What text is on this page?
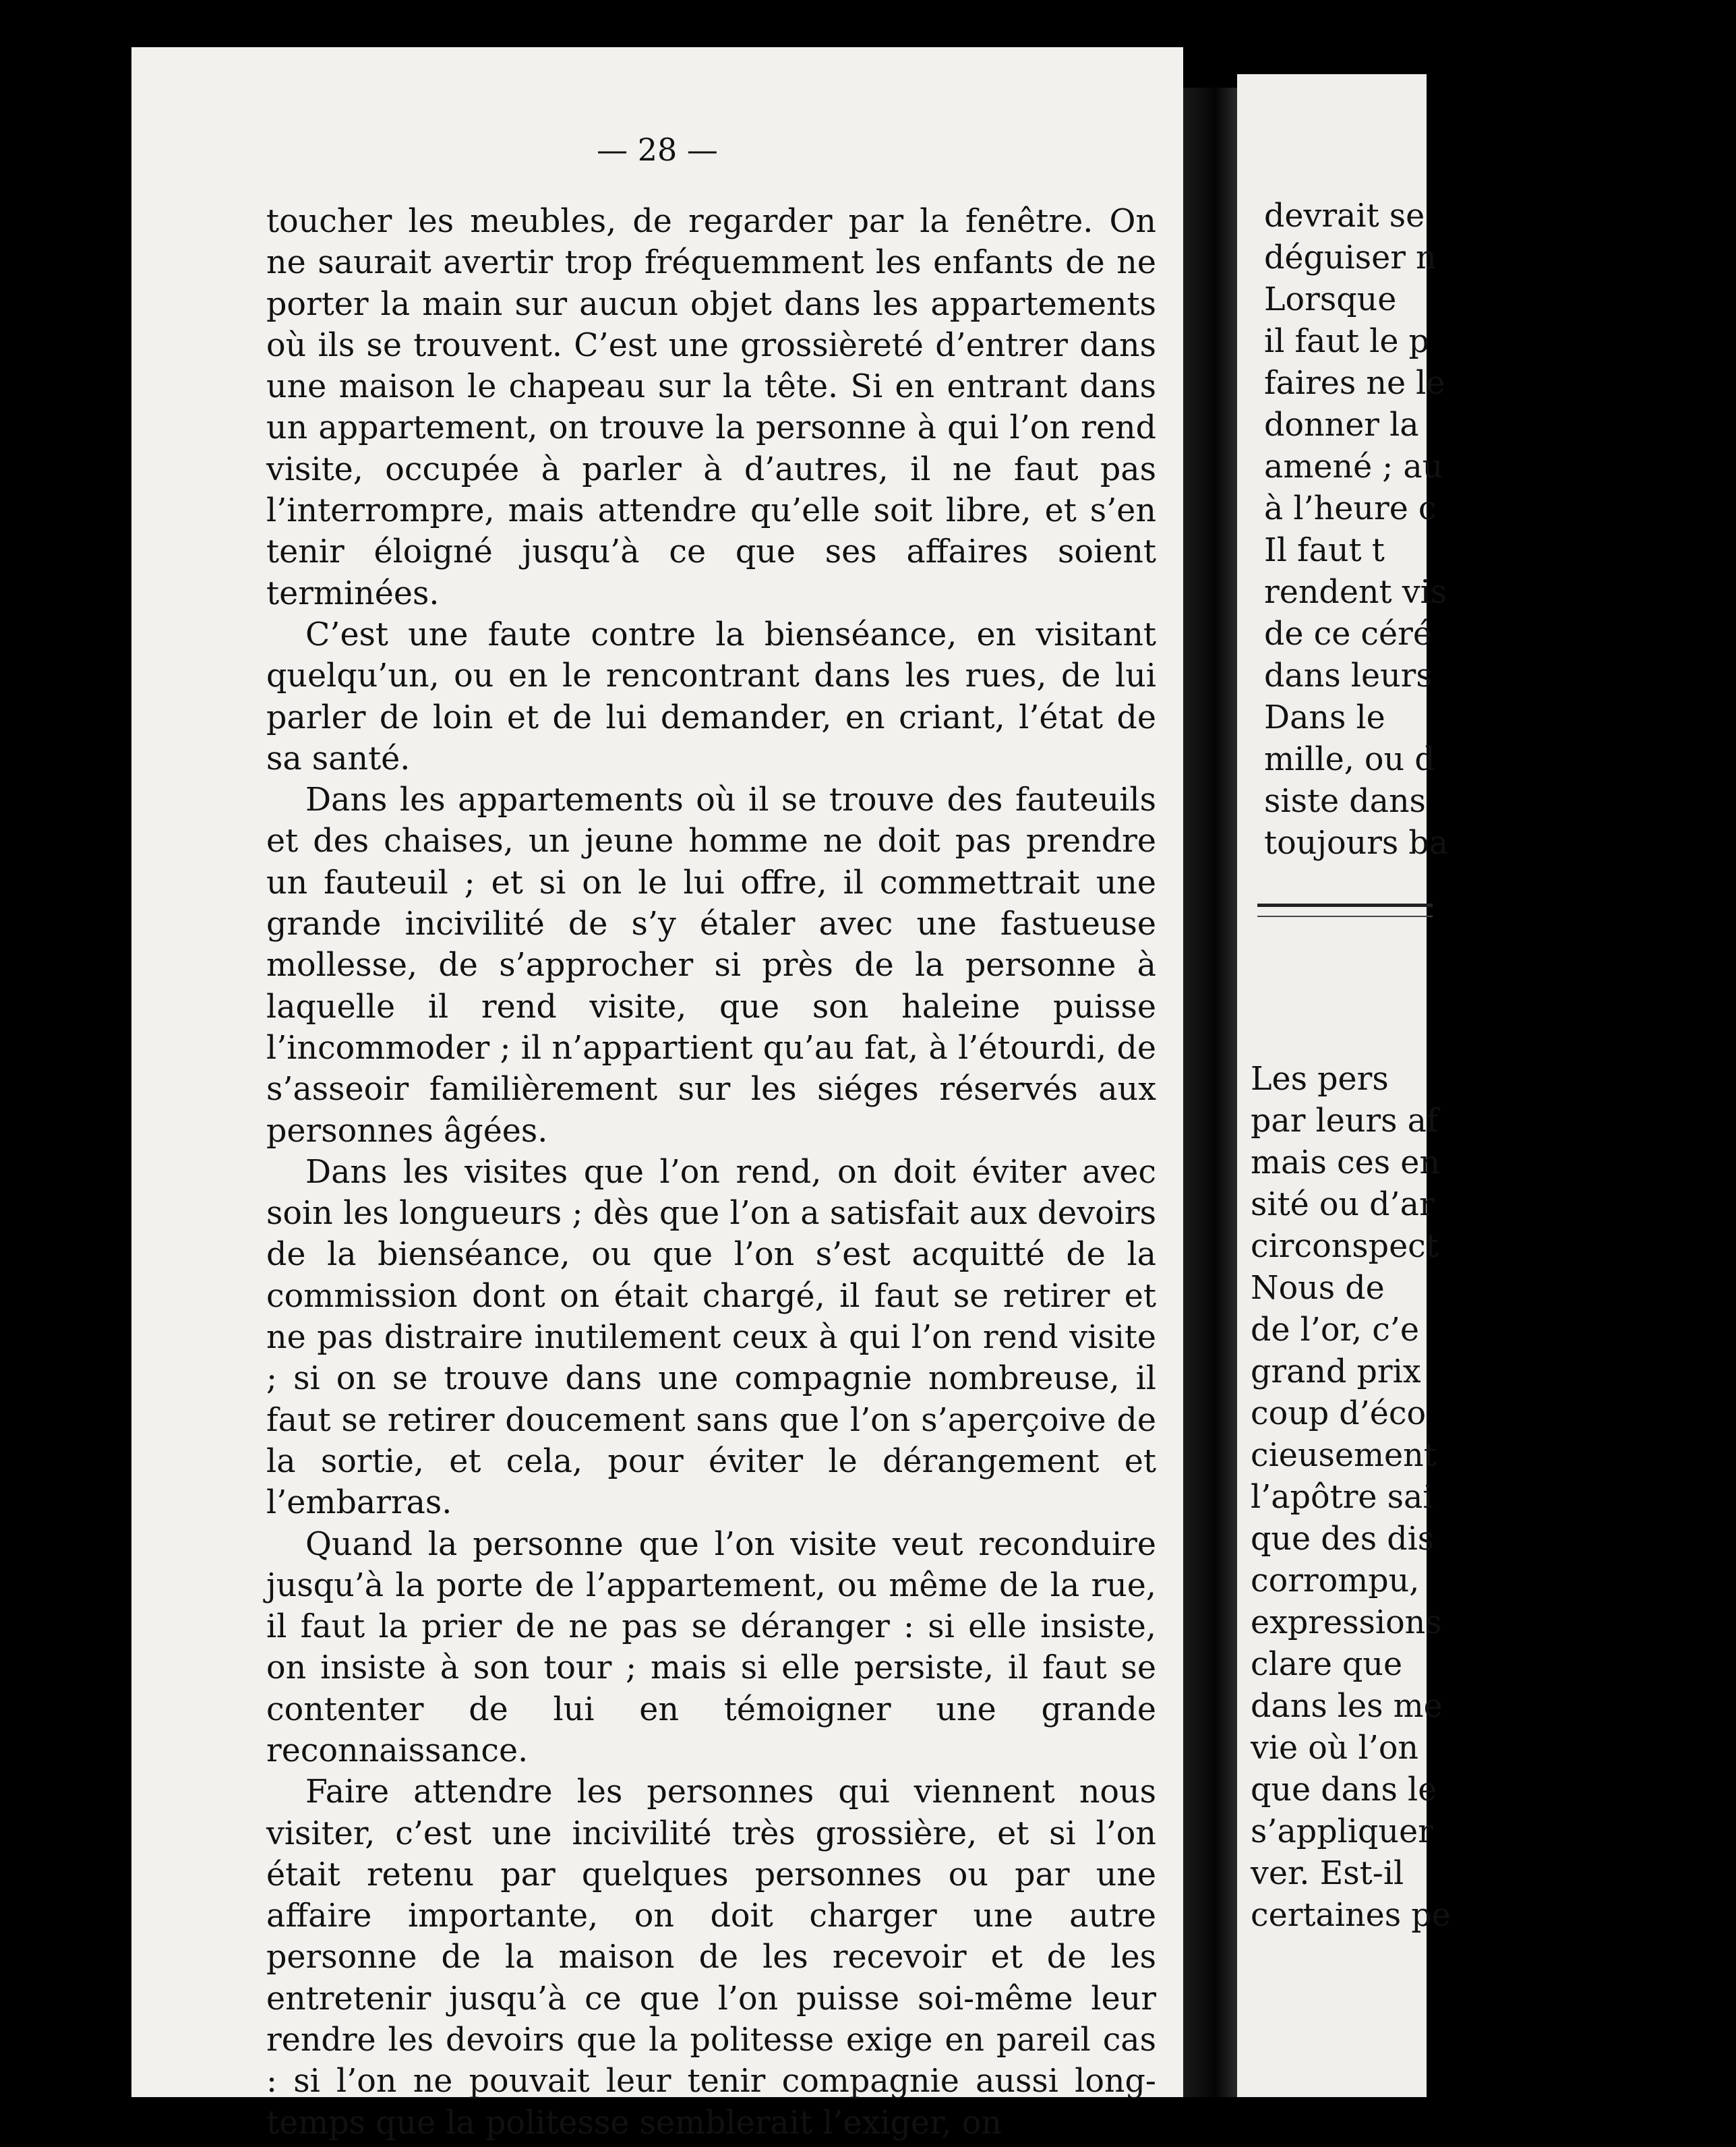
— 28 —

toucher les meubles, de regarder par la fenêtre. On ne saurait avertir trop fréquemment les enfants de ne porter la main sur aucun objet dans les appartements où ils se trouvent. C’est une grossièreté d’entrer dans une maison le chapeau sur la tête. Si en entrant dans un appartement, on trouve la personne à qui l’on rend visite, occupée à parler à d’autres, il ne faut pas l’interrompre, mais attendre qu’elle soit libre, et s’en tenir éloigné jusqu’à ce que ses affaires soient terminées.

C’est une faute contre la bienséance, en visitant quelqu’un, ou en le rencontrant dans les rues, de lui parler de loin et de lui demander, en criant, l’état de sa santé.

Dans les appartements où il se trouve des fauteuils et des chaises, un jeune homme ne doit pas prendre un fauteuil ; et si on le lui offre, il commettrait une grande incivilité de s’y étaler avec une fastueuse mollesse, de s’approcher si près de la personne à laquelle il rend visite, que son haleine puisse l’incommoder ; il n’appartient qu’au fat, à l’étourdi, de s’asseoir familièrement sur les siéges réservés aux personnes âgées.

Dans les visites que l’on rend, on doit éviter avec soin les longueurs ; dès que l’on a satisfait aux devoirs de la bienséance, ou que l’on s’est acquitté de la commission dont on était chargé, il faut se retirer et ne pas distraire inutilement ceux à qui l’on rend visite ; si on se trouve dans une compagnie nombreuse, il faut se retirer doucement sans que l’on s’aperçoive de la sortie, et cela, pour éviter le dérangement et l’embarras.

Quand la personne que l’on visite veut reconduire jusqu’à la porte de l’appartement, ou même de la rue, il faut la prier de ne pas se déranger : si elle insiste, on insiste à son tour ; mais si elle persiste, il faut se contenter de lui en témoigner une grande reconnaissance.

Faire attendre les personnes qui viennent nous visiter, c’est une incivilité très grossière, et si l’on était retenu par quelques personnes ou par une affaire importante, on doit charger une autre personne de la maison de les recevoir et de les entretenir jusqu’à ce que l’on puisse soi-même leur rendre les devoirs que la politesse exige en pareil cas : si l’on ne pouvait leur tenir compagnie aussi long-temps que la politesse semblerait l’exiger, on

devrait se
déguiser n
Lorsque
il faut le p
faires ne le
donner la
amené ; au
à l’heure c
Il faut t
rendent vis
de ce céré
dans leurs
Dans le
mille, ou d
siste dans
toujours ba
Les pers
par leurs af
mais ces en
sité ou d’ar
circonspect
Nous de
de l’or, c’e
grand prix
coup d’éco
cieusement
l’apôtre sai
que des dis
corrompu,
expressions
clare que
dans les me
vie où l’on
que dans le
s’appliquer
ver. Est-il
certaines pe
